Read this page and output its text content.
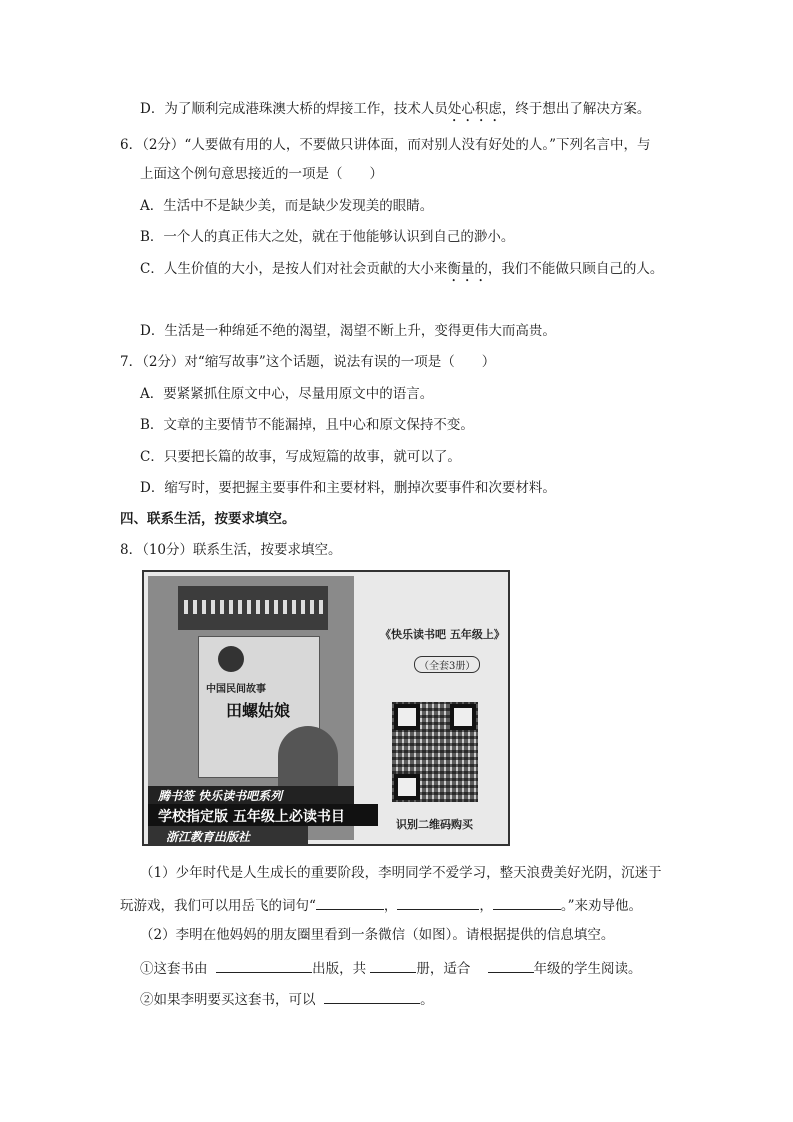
D．为了顺利完成港珠澳大桥的焊接工作，技术人员处心积虑，终于想出了解决方案。
6．（2分）“人要做有用的人，不要做只讲体面，而对别人没有好处的人。”下列名言中，与
上面这个例句意思接近的一项是（　　）
A．生活中不是缺少美，而是缺少发现美的眼睛。
B．一个人的真正伟大之处，就在于他能够认识到自己的渺小。
C．人生价值的大小，是按人们对社会贡献的大小来衡量的，我们不能做只顾自己的人。
D．生活是一种绵延不绝的渴望，渴望不断上升，变得更伟大而高贵。
7．（2分）对“缩写故事”这个话题，说法有误的一项是（　　）
A．要紧紧抓住原文中心，尽量用原文中的语言。
B．文章的主要情节不能漏掉，且中心和原文保持不变。
C．只要把长篇的故事，写成短篇的故事，就可以了。
D．缩写时，要把握主要事件和主要材料，删掉次要事件和次要材料。
四、联系生活，按要求填空。
8．（10分）联系生活，按要求填空。
中国民间故事
田螺姑娘
腾书签 快乐读书吧系列
学校指定版 五年级上必读书目
浙江教育出版社
《快乐读书吧 五年级上》
（全套3册）
识别二维码购买
（1）少年时代是人生成长的重要阶段，李明同学不爱学习，整天浪费美好光阴，沉迷于
玩游戏，我们可以用岳飞的词句“	，	，	。”来劝导他。
（2）李明在他妈妈的朋友圈里看到一条微信（如图）。请根据提供的信息填空。
①这套书由	出版，共	册，适合	年级的学生阅读。
②如果李明要买这套书，可以	。
